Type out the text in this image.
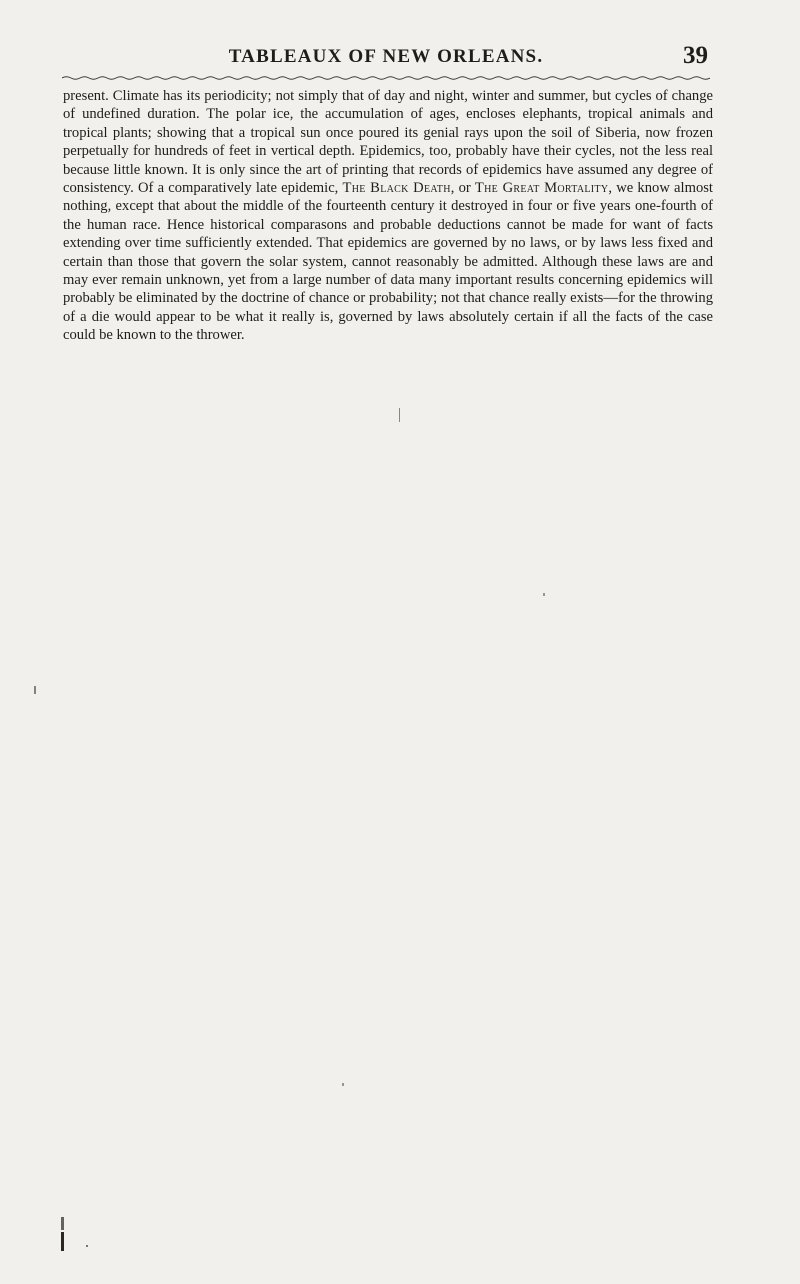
TABLEAUX OF NEW ORLEANS.	39

present. Climate has its periodicity; not simply that of day and night, winter and summer, but cycles of change of undefined duration. The polar ice, the accumulation of ages, encloses elephants, tropical animals and tropical plants; showing that a tropical sun once poured its genial rays upon the soil of Siberia, now frozen perpetually for hundreds of feet in vertical depth. Epidemics, too, probably have their cycles, not the less real because little known. It is only since the art of printing that records of epidemics have assumed any degree of consistency. Of a comparatively late epidemic, The Black Death, or The Great Mortality, we know almost nothing, except that about the middle of the fourteenth century it destroyed in four or five years one-fourth of the human race. Hence historical comparasons and probable deductions cannot be made for want of facts extending over time sufficiently extended. That epidemics are governed by no laws, or by laws less fixed and certain than those that govern the solar system, cannot reasonably be admitted. Although these laws are and may ever remain unknown, yet from a large number of data many important results concerning epidemics will probably be eliminated by the doctrine of chance or probability; not that chance really exists—for the throwing of a die would appear to be what it really is, governed by laws absolutely certain if all the facts of the case could be known to the thrower.
